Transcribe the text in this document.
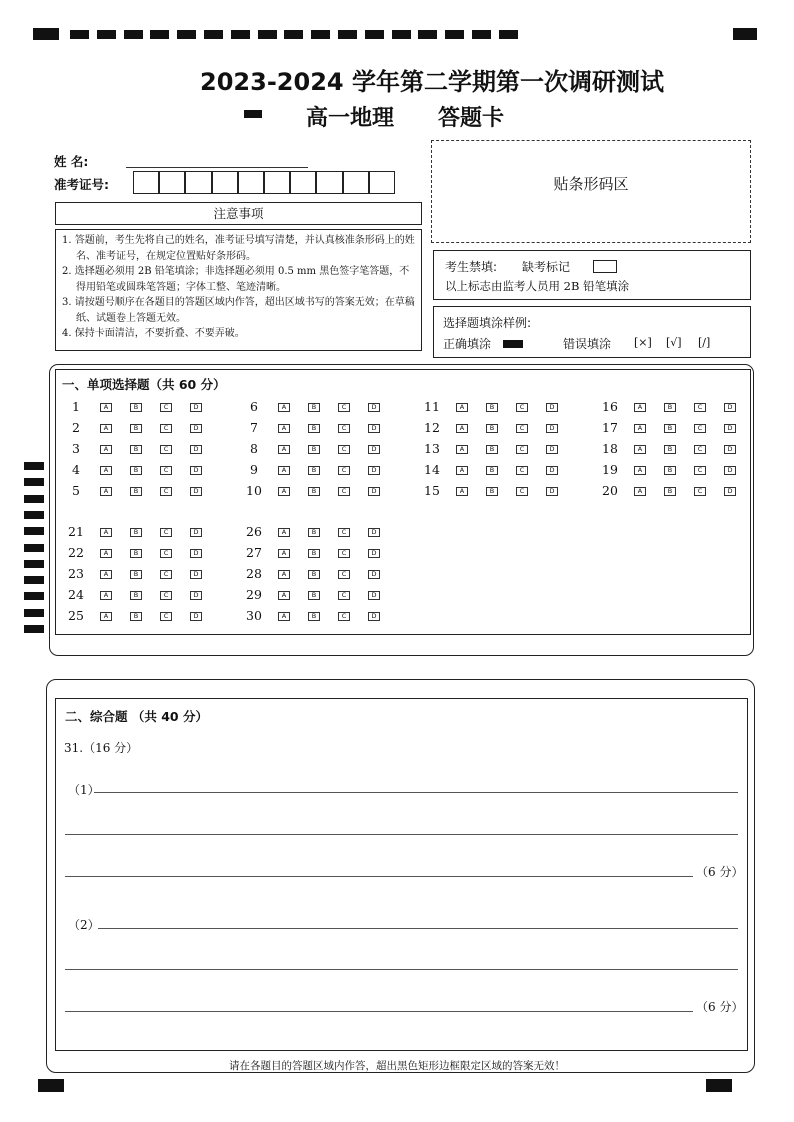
2023-2024 学年第二学期第一次调研测试
高一地理 答题卡
姓 名:
准考证号:	贴条形码区
注意事项
1. 答题前，考生先将自己的姓名，准考证号填写清楚，并认真核准条形码上的姓名、准考证号，在规定位置贴好条形码。
2. 选择题必须用 2B 铅笔填涂；非选择题必须用 0.5 mm 黑色签字笔答题，不得用铅笔或圆珠笔答题；字体工整、笔迹清晰。
3. 请按题号顺序在各题目的答题区域内作答，超出区域书写的答案无效；在草稿纸、试题卷上答题无效。
4. 保持卡面清洁，不要折叠、不要弄破。
考生禁填: 缺考标记
以上标志由监考人员用 2B 铅笔填涂
选择题填涂样例:
正确填涂	错误填涂 [×] [√] [/]
一、单项选择题（共 60 分）
1	A	B	C	D
2	A	B	C	D
3	A	B	C	D
4	A	B	C	D
5	A	B	C	D
6	A	B	C	D
7	A	B	C	D
8	A	B	C	D
9	A	B	C	D
10	A	B	C	D
11	A	B	C	D
12	A	B	C	D
13	A	B	C	D
14	A	B	C	D
15	A	B	C	D
16	A	B	C	D
17	A	B	C	D
18	A	B	C	D
19	A	B	C	D
20	A	B	C	D
21	A	B	C	D
22	A	B	C	D
23	A	B	C	D
24	A	B	C	D
25	A	B	C	D
26	A	B	C	D
27	A	B	C	D
28	A	B	C	D
29	A	B	C	D
30	A	B	C	D
二、综合题 （共 40 分）
31.（16 分）
（1）
（2）
（6 分）
（6 分）
请在各题目的答题区域内作答，超出黑色矩形边框限定区域的答案无效！
